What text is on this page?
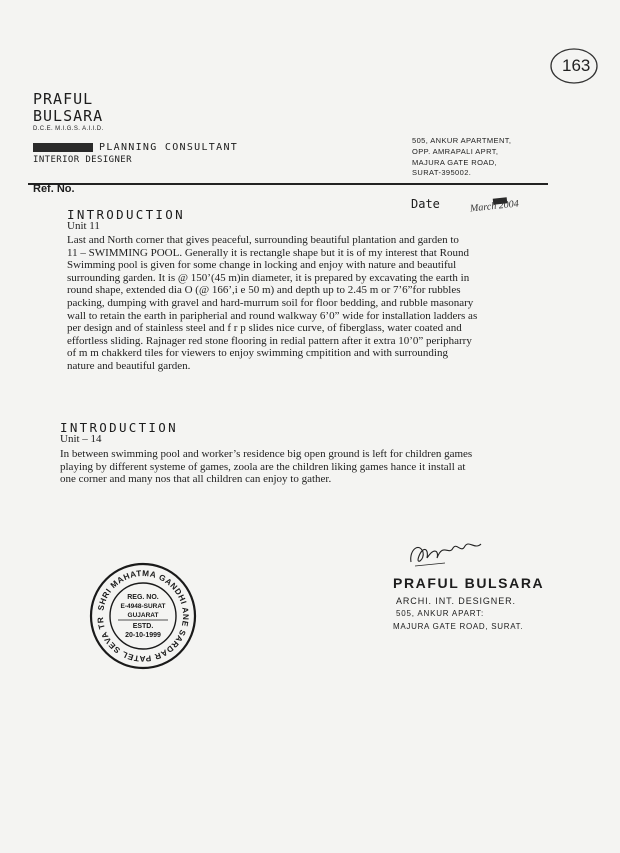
163
PRAFUL
BULSARA
D.C.E. M.I.G.S. A.I.I.D.
PLANNING CONSULTANT
INTERIOR DESIGNER
505, ANKUR APARTMENT,
OPP. AMRAPALI APRT,
MAJURA GATE ROAD,
SURAT-395002.
Ref. No.
Date	March 2004
INTRODUCTION
Unit 11
Last and North corner that gives peaceful, surrounding beautiful plantation and garden to
11 – SWIMMING POOL. Generally it is rectangle shape but it is of my interest that Round
Swimming pool is given for some change in locking and enjoy with nature and beautiful
surrounding garden. It is @ 150’(45 m)in diameter, it is prepared by excavating the earth in
round shape, extended dia O (@ 166’,i e 50 m) and depth up to 2.45 m or 7’6”for rubbles
packing, dumping with gravel and hard-murrum soil for floor bedding, and rubble masonary
wall to retain the earth in paripherial and round walkway 6’0” wide for installation ladders as
per design and of stainless steel and f r p slides nice curve, of fiberglass, water coated and
effortless sliding. Rajnager red stone flooring in redial pattern after it extra 10’0” peripharry
of m m chakkerd tiles for viewers to enjoy swimming cmpitition and with surrounding
nature and beautiful garden.
INTRODUCTION
Unit – 14
In between swimming pool and worker’s residence big open ground is left for children games
playing by different systeme of games, zoola are the children liking games hance it install at
one corner and many nos that all children can enjoy to gather.
SHRI MAHATMA GANDHI ANE SARDAR PATEL SEVA TR
REG. NO.
E-4948-SURAT
GUJARAT
ESTD.
20-10-1999
PRAFUL BULSARA
ARCHI. INT. DESIGNER.
505, ANKUR APART:
MAJURA GATE ROAD, SURAT.
